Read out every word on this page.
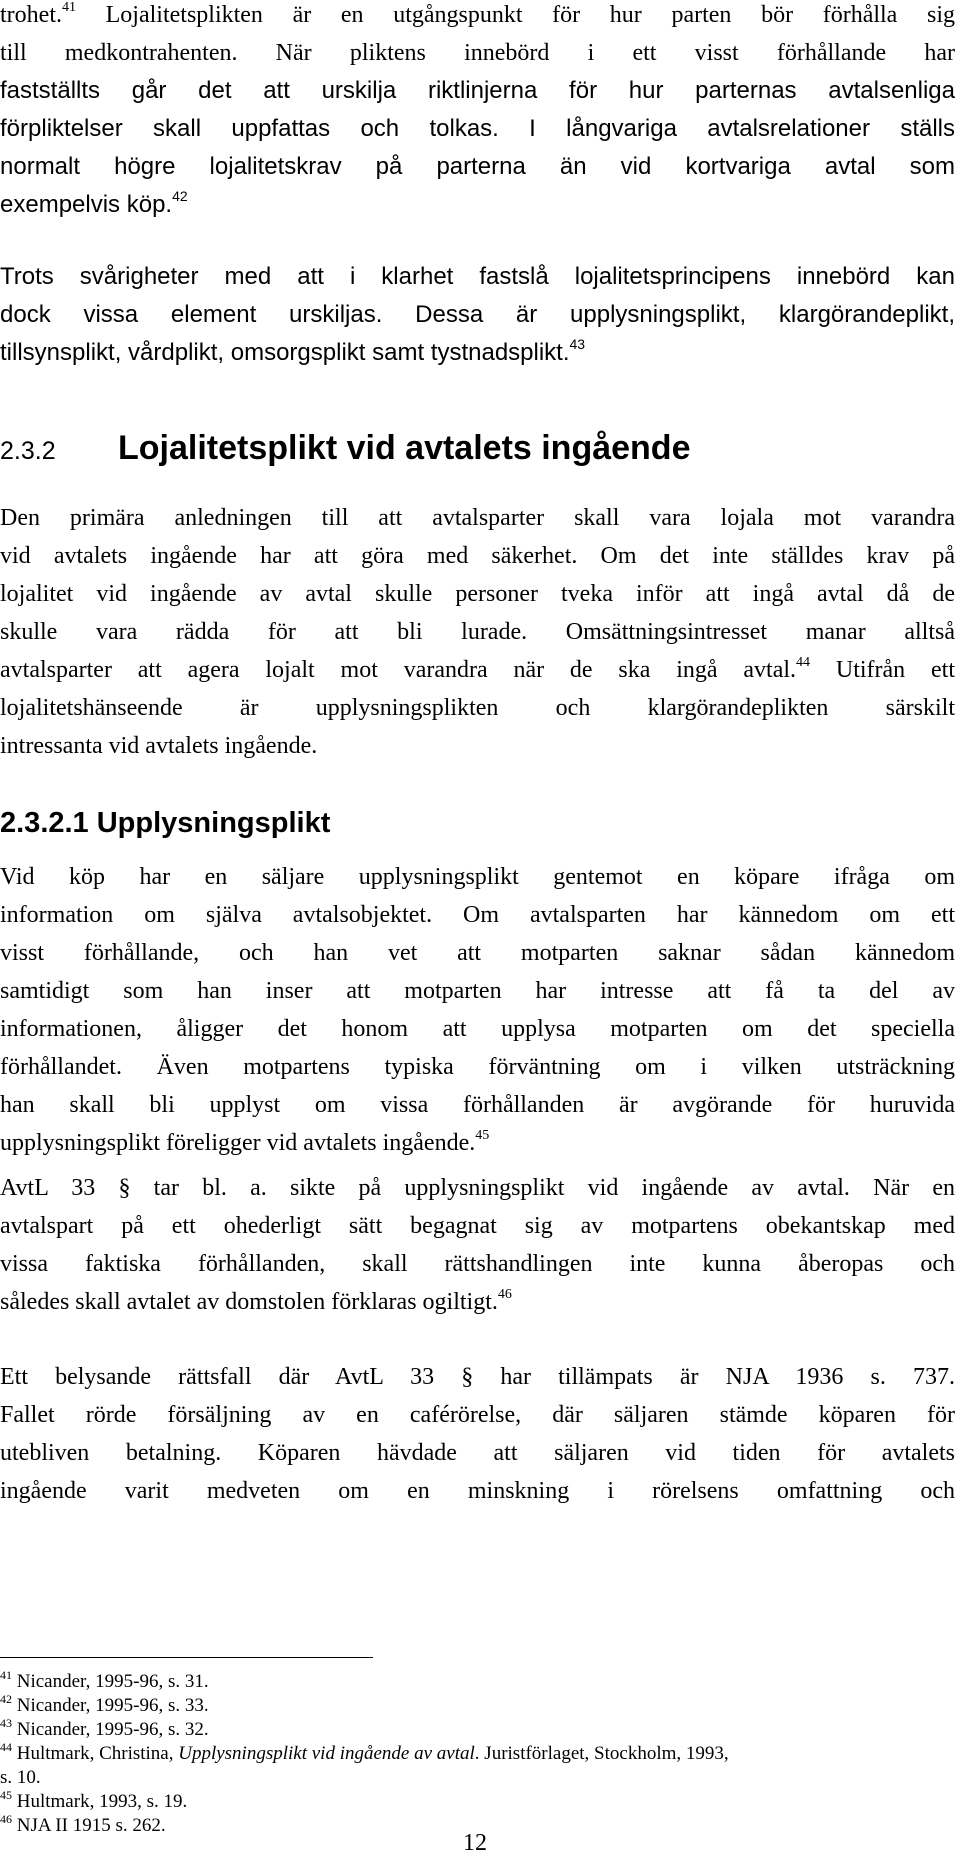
trohet.$^{41}$ Lojalitetsplikten är en utgångspunkt för hur parten bör förhålla sig
till medkontrahenten. När pliktens innebörd i ett visst förhållande har
fastställts går det att urskilja riktlinjerna för hur parternas avtalsenliga
förpliktelser skall uppfattas och tolkas. I långvariga avtalsrelationer ställs
normalt högre lojalitetskrav på parterna än vid kortvariga avtal som
exempelvis köp.$^{42}$
Trots svårigheter med att i klarhet fastslå lojalitetsprincipens innebörd kan
dock vissa element urskiljas. Dessa är upplysningsplikt, klargörandeplikt,
tillsynsplikt, vårdplikt, omsorgsplikt samt tystnadsplikt.$^{43}$
2.3.2 Lojalitetsplikt vid avtalets ingående
Den primära anledningen till att avtalsparter skall vara lojala mot varandra
vid avtalets ingående har att göra med säkerhet. Om det inte ställdes krav på
lojalitet vid ingående av avtal skulle personer tveka inför att ingå avtal då de
skulle vara rädda för att bli lurade. Omsättningsintresset manar alltså
avtalsparter att agera lojalt mot varandra när de ska ingå avtal.$^{44}$ Utifrån ett
lojalitetshänseende är upplysningsplikten och klargörandeplikten särskilt
intressanta vid avtalets ingående.
2.3.2.1 Upplysningsplikt
Vid köp har en säljare upplysningsplikt gentemot en köpare ifråga om
information om själva avtalsobjektet. Om avtalsparten har kännedom om ett
visst förhållande, och han vet att motparten saknar sådan kännedom
samtidigt som han inser att motparten har intresse att få ta del av
informationen, åligger det honom att upplysa motparten om det speciella
förhållandet. Även motpartens typiska förväntning om i vilken utsträckning
han skall bli upplyst om vissa förhållanden är avgörande för huruvida
upplysningsplikt föreligger vid avtalets ingående.$^{45}$
AvtL 33 § tar bl. a. sikte på upplysningsplikt vid ingående av avtal. När en
avtalspart på ett ohederligt sätt begagnat sig av motpartens obekantskap med
vissa faktiska förhållanden, skall rättshandlingen inte kunna åberopas och
således skall avtalet av domstolen förklaras ogiltigt.$^{46}$
Ett belysande rättsfall där AvtL 33 § har tillämpats är NJA 1936 s. 737.
Fallet rörde försäljning av en caférörelse, där säljaren stämde köparen för
utebliven betalning. Köparen hävdade att säljaren vid tiden för avtalets
ingående varit medveten om en minskning i rörelsens omfattning och
$^{41}$ Nicander, 1995-96, s. 31.
$^{42}$ Nicander, 1995-96, s. 33.
$^{43}$ Nicander, 1995-96, s. 32.
$^{44}$ Hultmark, Christina, Upplysningsplikt vid ingående av avtal. Juristförlaget, Stockholm, 1993,
s. 10.
$^{45}$ Hultmark, 1993, s. 19.
$^{46}$ NJA II 1915 s. 262.
12
